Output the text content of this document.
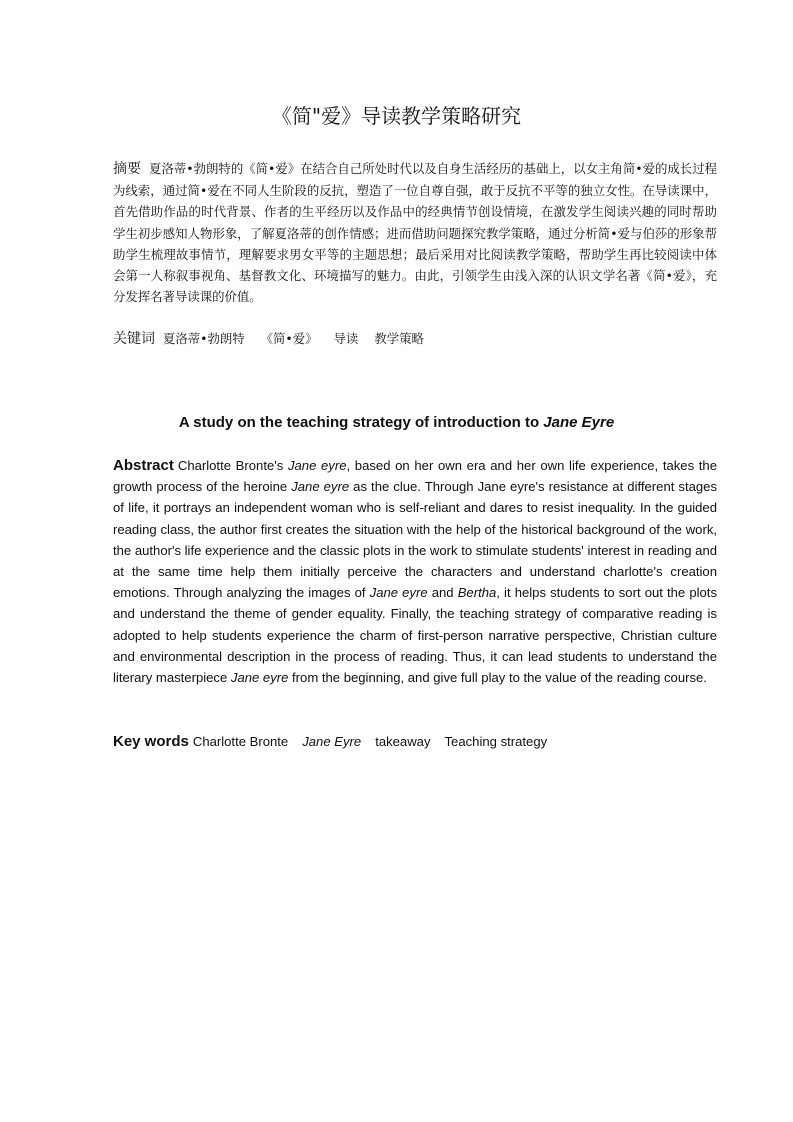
《简"爱》导读教学策略研究
摘要 夏洛蒂•勃朗特的《简•爱》在结合自己所处时代以及自身生活经历的基础上，以女主角简•爱的成长过程为线索，通过简•爱在不同人生阶段的反抗，塑造了一位自尊自强，敢于反抗不平等的独立女性。在导读课中，首先借助作品的时代背景、作者的生平经历以及作品中的经典情节创设情境，在激发学生阅读兴趣的同时帮助学生初步感知人物形象，了解夏洛蒂的创作情感；进而借助问题探究教学策略，通过分析简•爱与伯莎的形象帮助学生梳理故事情节，理解要求男女平等的主题思想；最后采用对比阅读教学策略，帮助学生再比较阅读中体会第一人称叙事视角、基督教文化、环境描写的魅力。由此，引领学生由浅入深的认识文学名著《简•爱》，充分发挥名著导读课的价值。
关键词 夏洛蒂•勃朗特 《简•爱》 导读 教学策略
A study on the teaching strategy of introduction to Jane Eyre
Abstract Charlotte Bronte's Jane eyre, based on her own era and her own life experience, takes the growth process of the heroine Jane eyre as the clue. Through Jane eyre's resistance at different stages of life, it portrays an independent woman who is self-reliant and dares to resist inequality. In the guided reading class, the author first creates the situation with the help of the historical background of the work, the author's life experience and the classic plots in the work to stimulate students' interest in reading and at the same time help them initially perceive the characters and understand charlotte's creation emotions. Through analyzing the images of Jane eyre and Bertha, it helps students to sort out the plots and understand the theme of gender equality. Finally, the teaching strategy of comparative reading is adopted to help students experience the charm of first-person narrative perspective, Christian culture and environmental description in the process of reading. Thus, it can lead students to understand the literary masterpiece Jane eyre from the beginning, and give full play to the value of the reading course.
Key words Charlotte Bronte Jane Eyre takeaway Teaching strategy
